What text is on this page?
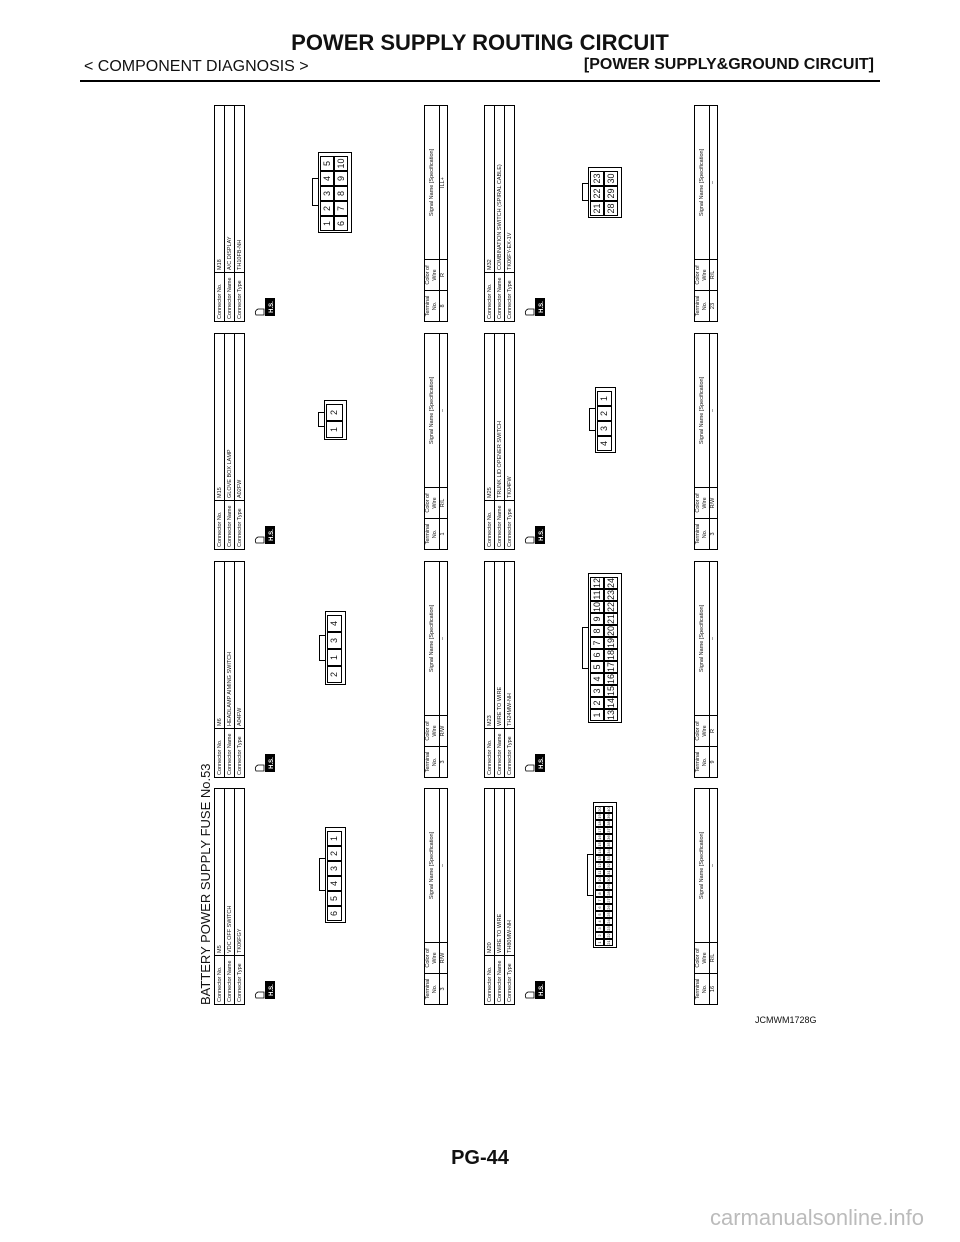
POWER SUPPLY ROUTING CIRCUIT
< COMPONENT DIAGNOSIS >	[POWER SUPPLY&GROUND CIRCUIT]
BATTERY POWER SUPPLY FUSE No.53 Connector No.	M5
Connector Name	VDC OFF SWITCH
Connector Type	TK06FGY
H.S.
6
5
4
3
2
1
Terminal No.	Color of Wire	Signal Name [Specification]
3	R/W	–
Connector No.	M6
Connector Name	HEADLAMP AIMING SWITCH
Connector Type	A04FW
H.S.
2
1
3
4
Terminal No.	Color of Wire	Signal Name [Specification]
3	R/W	–
Connector No.	M15
Connector Name	GLOVE BOX LAMP
Connector Type	A02FW
H.S.
1
2
Terminal No.	Color of Wire	Signal Name [Specification]
1	R/L	–
Connector No.	M18
Connector Name	A/C DISPLAY
Connector Type	TH10FB-NH
H.S.
1
2
3
4
5
6
7
8
9
10
Terminal No.	Color of Wire	Signal Name [Specification]
8	R	ILL+
Connector No.	M20
Connector Name	WIRE TO WIRE
Connector Type	TH80MW-NH
H.S.
1
2
3
4
5
6
7
8
9
10
11
12
13
14
15
16
17
18
19
20
21
22
23
24
25
26
27
28
29
30
31
32
33
34
35
36
37
38
39
40
Terminal No.	Color of Wire	Signal Name [Specification]
16	R/L	–
Connector No.	M23
Connector Name	WIRE TO WIRE
Connector Type	TH24MW-NH
H.S.
1
2
3
4
5
6
7
8
9
10
11
12
13
14
15
16
17
18
19
20
21
22
23
24
Terminal No.	Color of Wire	Signal Name [Specification]
9	R	–
Connector No.	M25
Connector Name	TRUNK LID OPENER SWITCH
Connector Type	TK04FW
H.S.
4
3
2
1
Terminal No.	Color of Wire	Signal Name [Specification]
3	R/W	–
Connector No.	M32
Connector Name	COMBINATION SWITCH (SPIRAL CABLE)
Connector Type	TK06FY-EX-1V
H.S.
21
22
23
28
29
30
Terminal No.	Color of Wire	Signal Name [Specification]
23	R/L	–
JCMWM1728G
PG-44
carmanualsonline.info
